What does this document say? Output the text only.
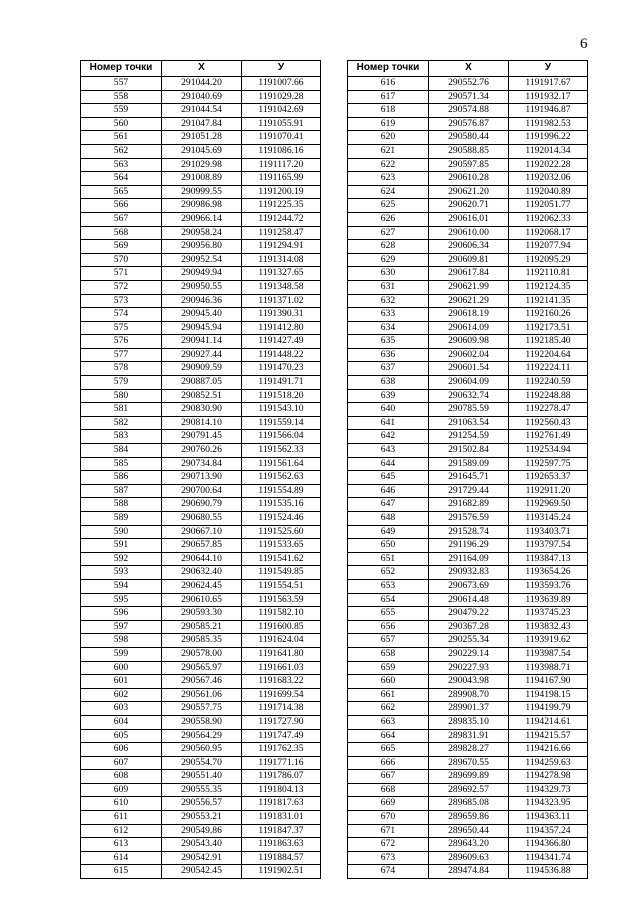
6
Номер точки	X	У
557	291044.20	1191007.66
558	291040.69	1191029.28
559	291044.54	1191042.69
560	291047.84	1191055.91
561	291051.28	1191070.41
562	291045.69	1191086.16
563	291029.98	1191117.20
564	291008.89	1191165.99
565	290999.55	1191200.19
566	290986.98	1191225.35
567	290966.14	1191244.72
568	290958.24	1191258.47
569	290956.80	1191294.91
570	290952.54	1191314.08
571	290949.94	1191327.65
572	290950.55	1191348.58
573	290946.36	1191371.02
574	290945.40	1191390.31
575	290945.94	1191412.80
576	290941.14	1191427.49
577	290927.44	1191448.22
578	290909.59	1191470.23
579	290887.05	1191491.71
580	290852.51	1191518.20
581	290830.90	1191543.10
582	290814.10	1191559.14
583	290791.45	1191566.04
584	290760.26	1191562.33
585	290734.84	1191561.64
586	290713.90	1191562.63
587	290700.64	1191554.89
588	290690.79	1191535.16
589	290680.55	1191524.46
590	290667.10	1191525.60
591	290657.85	1191533.65
592	290644.10	1191541.62
593	290632.40	1191549.85
594	290624.45	1191554.51
595	290610.65	1191563.59
596	290593.30	1191582.10
597	290585.21	1191600.85
598	290585.35	1191624.04
599	290578.00	1191641.80
600	290565.97	1191661.03
601	290567.46	1191683.22
602	290561.06	1191699.54
603	290557.75	1191714.38
604	290558.90	1191727.90
605	290564.29	1191747.49
606	290560.95	1191762.35
607	290554.70	1191771.16
608	290551.40	1191786.07
609	290555.35	1191804.13
610	290556.57	1191817.63
611	290553.21	1191831.01
612	290549.86	1191847.37
613	290543.40	1191863.63
614	290542.91	1191884.57
615	290542.45	1191902.51
Номер точки	X	У
616	290552.76	1191917.67
617	290571.34	1191932.17
618	290574.88	1191946.87
619	290576.87	1191982.53
620	290580.44	1191996.22
621	290588.85	1192014.34
622	290597.85	1192022.28
623	290610.28	1192032.06
624	290621.20	1192040.89
625	290620.71	1192051.77
626	290616.01	1192062.33
627	290610.00	1192068.17
628	290606.34	1192077.94
629	290609.81	1192095.29
630	290617.84	1192110.81
631	290621.99	1192124.35
632	290621.29	1192141.35
633	290618.19	1192160.26
634	290614.09	1192173.51
635	290609.98	1192185.40
636	290602.04	1192204.64
637	290601.54	1192224.11
638	290604.09	1192240.59
639	290632.74	1192248.88
640	290785.59	1192278.47
641	291063.54	1192560.43
642	291254.59	1192761.49
643	291502.84	1192534.94
644	291589.09	1192597.75
645	291645.71	1192653.37
646	291729.44	1192911.20
647	291682.89	1192969.50
648	291576.59	1193145.24
649	291528.74	1193403.71
650	291196.29	1193797.54
651	291164.09	1193847.13
652	290932.83	1193654.26
653	290673.69	1193593.76
654	290614.48	1193639.89
655	290479.22	1193745.23
656	290367.28	1193832.43
657	290255.34	1193919.62
658	290229.14	1193987.54
659	290227.93	1193988.71
660	290043.98	1194167.90
661	289908.70	1194198.15
662	289901.37	1194199.79
663	289835.10	1194214.61
664	289831.91	1194215.57
665	289828.27	1194216.66
666	289670.55	1194259.63
667	289699.89	1194278.98
668	289692.57	1194329.73
669	289685.08	1194323.95
670	289659.86	1194363.11
671	289650.44	1194357.24
672	289643.20	1194366.80
673	289609.63	1194341.74
674	289474.84	1194536.88
